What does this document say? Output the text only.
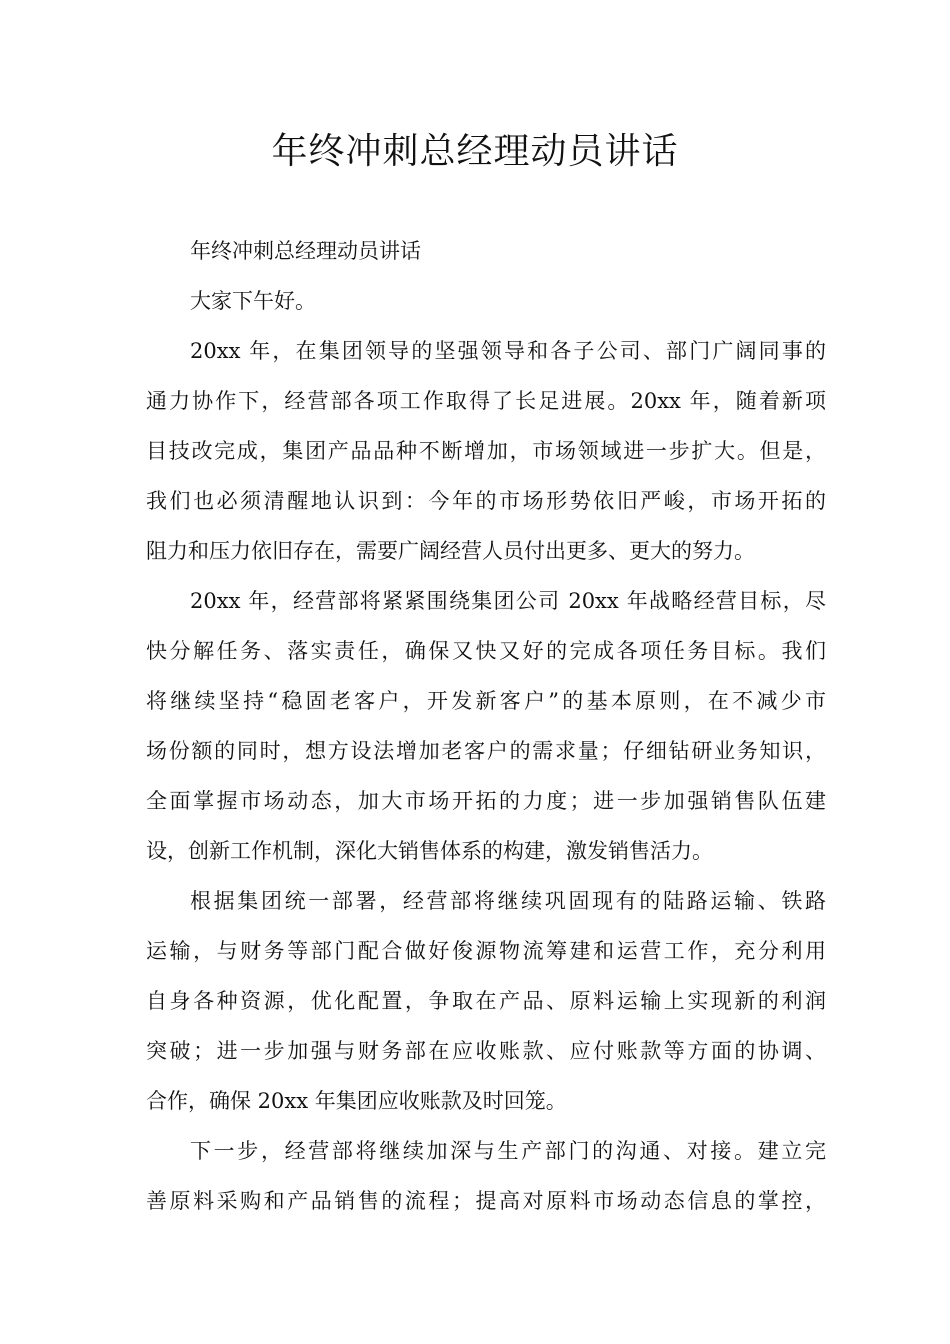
年终冲刺总经理动员讲话
年终冲刺总经理动员讲话
大家下午好。
20xx 年，在集团领导的坚强领导和各子公司、部门广阔同事的
通力协作下，经营部各项工作取得了长足进展。20xx 年，随着新项
目技改完成，集团产品品种不断增加，市场领域进一步扩大。但是，
我们也必须清醒地认识到：今年的市场形势依旧严峻，市场开拓的
阻力和压力依旧存在，需要广阔经营人员付出更多、更大的努力。
20xx 年，经营部将紧紧围绕集团公司 20xx 年战略经营目标，尽
快分解任务、落实责任，确保又快又好的完成各项任务目标。我们
将继续坚持“稳固老客户，开发新客户”的基本原则，在不减少市
场份额的同时，想方设法增加老客户的需求量；仔细钻研业务知识，
全面掌握市场动态，加大市场开拓的力度；进一步加强销售队伍建
设，创新工作机制，深化大销售体系的构建，激发销售活力。
根据集团统一部署，经营部将继续巩固现有的陆路运输、铁路
运输，与财务等部门配合做好俊源物流筹建和运营工作，充分利用
自身各种资源，优化配置，争取在产品、原料运输上实现新的利润
突破；进一步加强与财务部在应收账款、应付账款等方面的协调、
合作，确保 20xx 年集团应收账款及时回笼。
下一步，经营部将继续加深与生产部门的沟通、对接。建立完
善原料采购和产品销售的流程；提高对原料市场动态信息的掌控，
